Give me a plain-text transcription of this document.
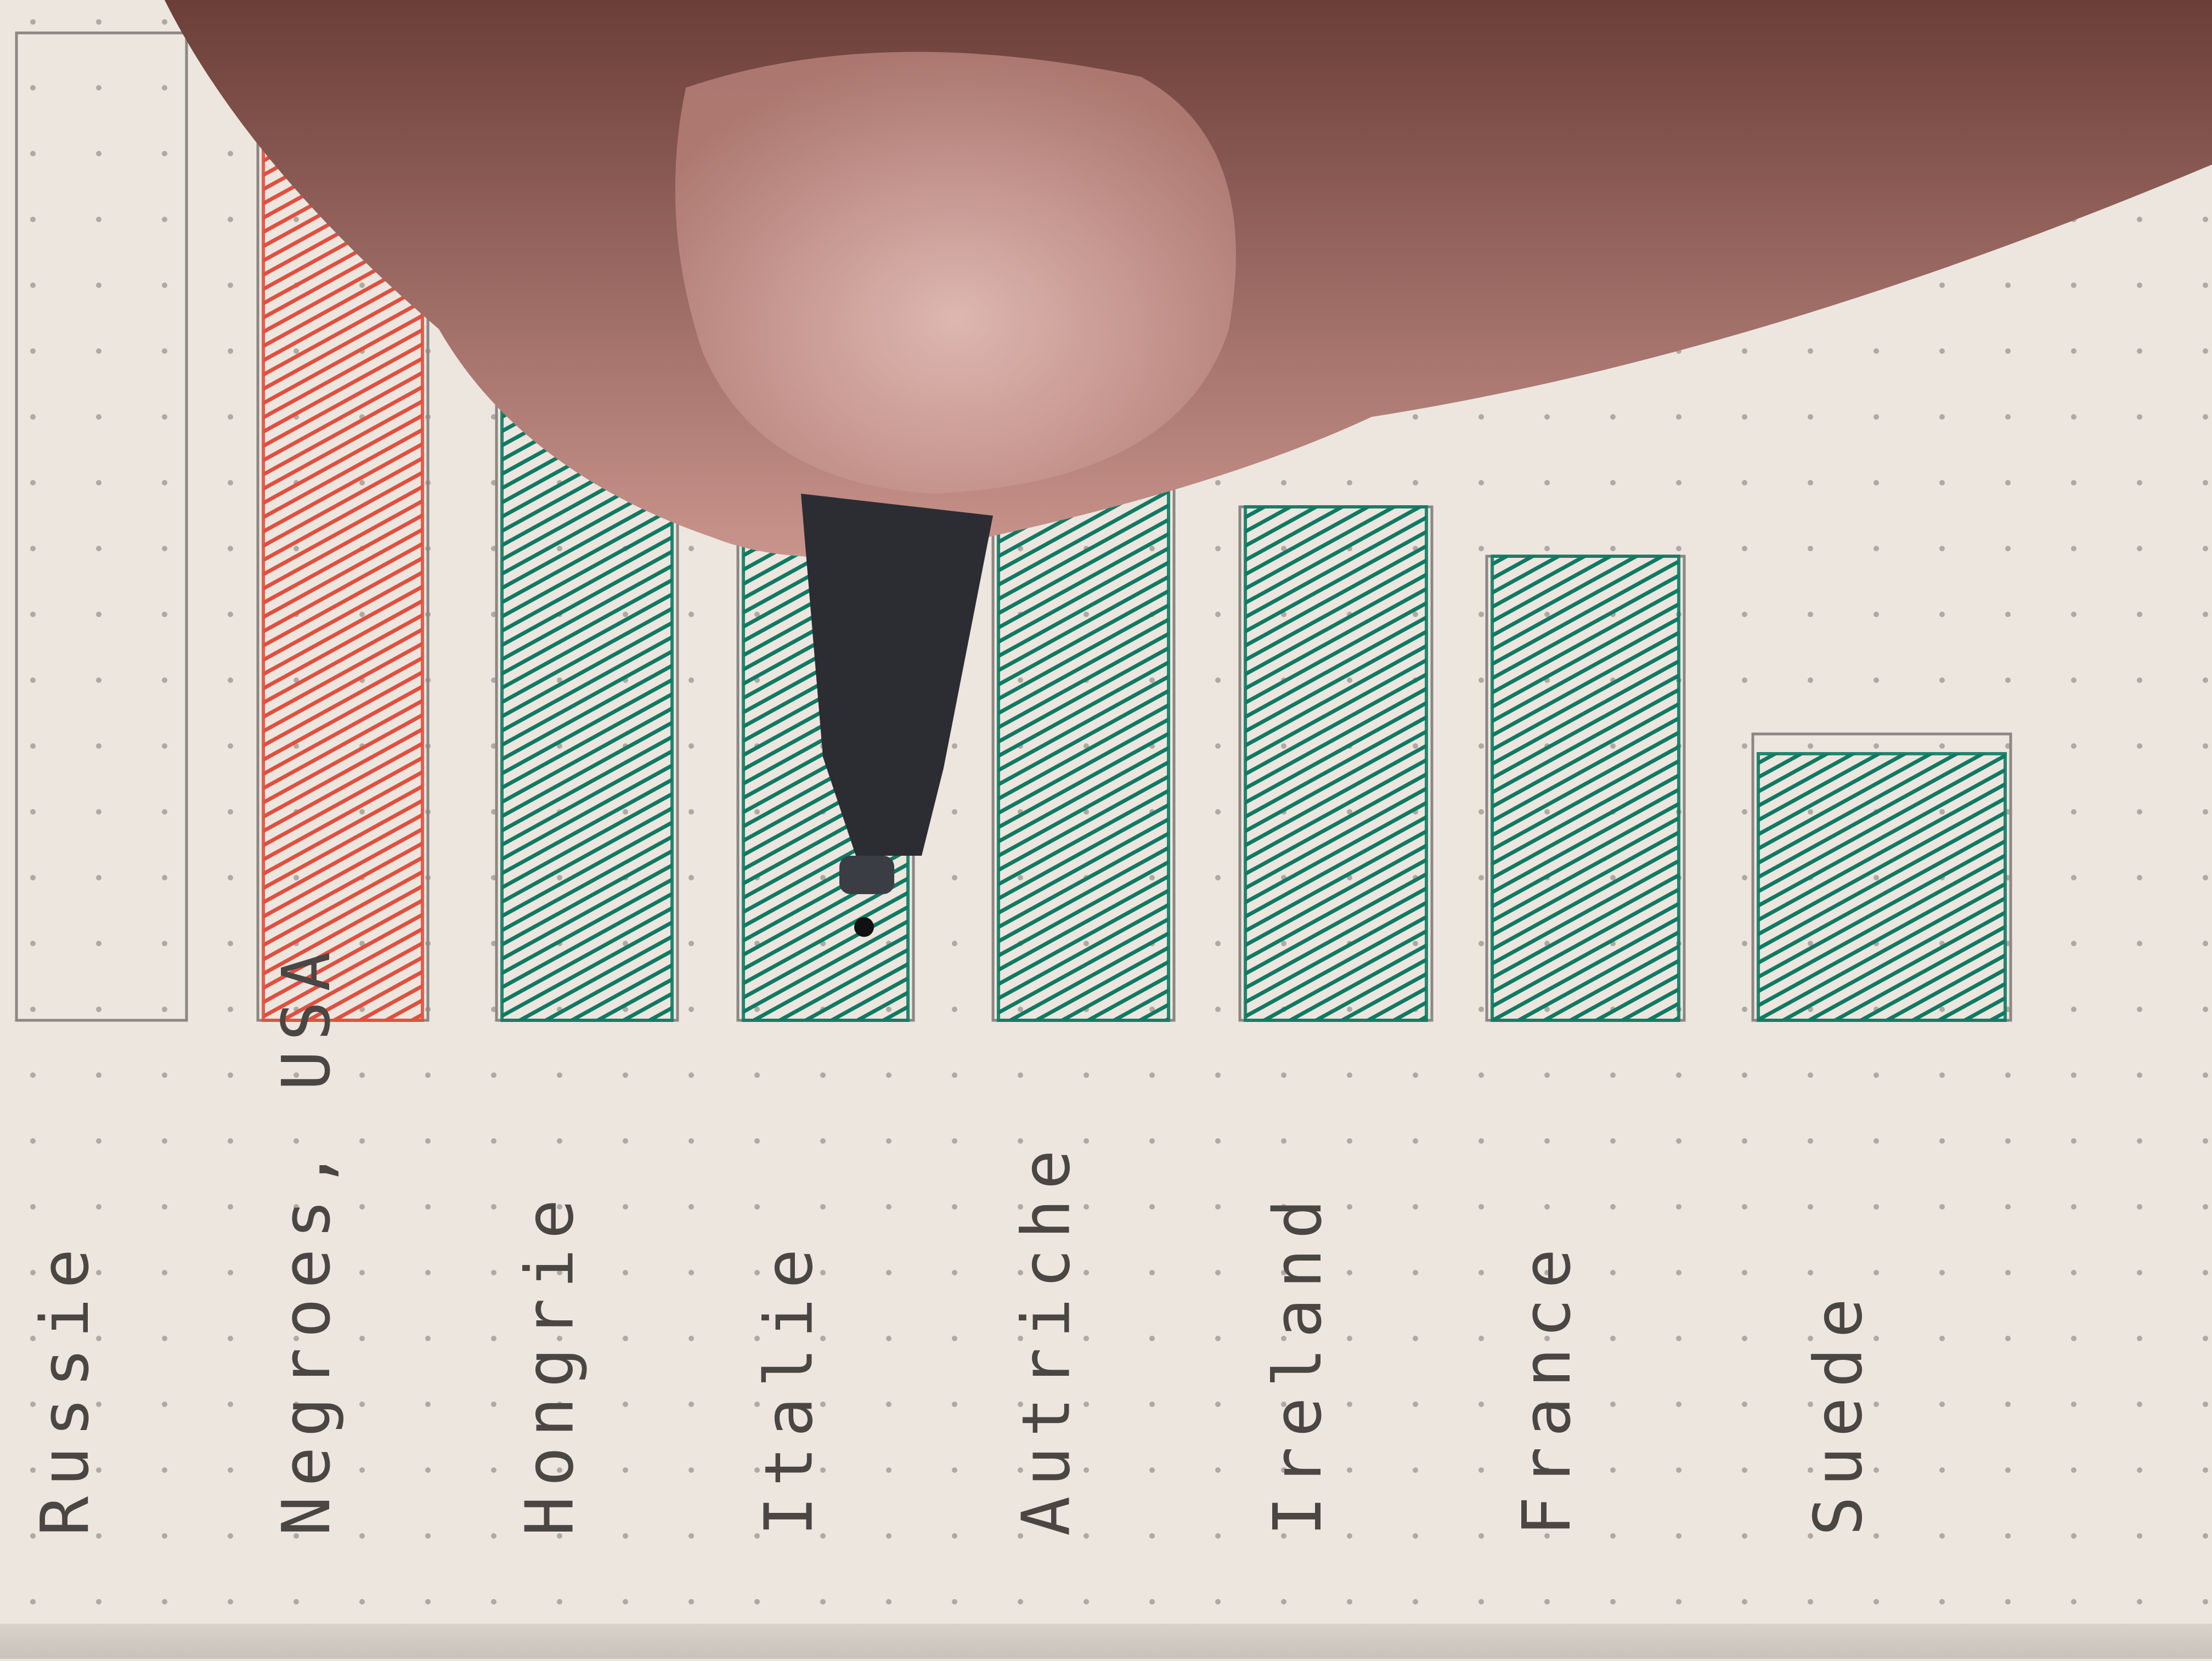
Russie	Negroes, USA	Hongrie Italie	Autriche	Ireland	France	Suede
